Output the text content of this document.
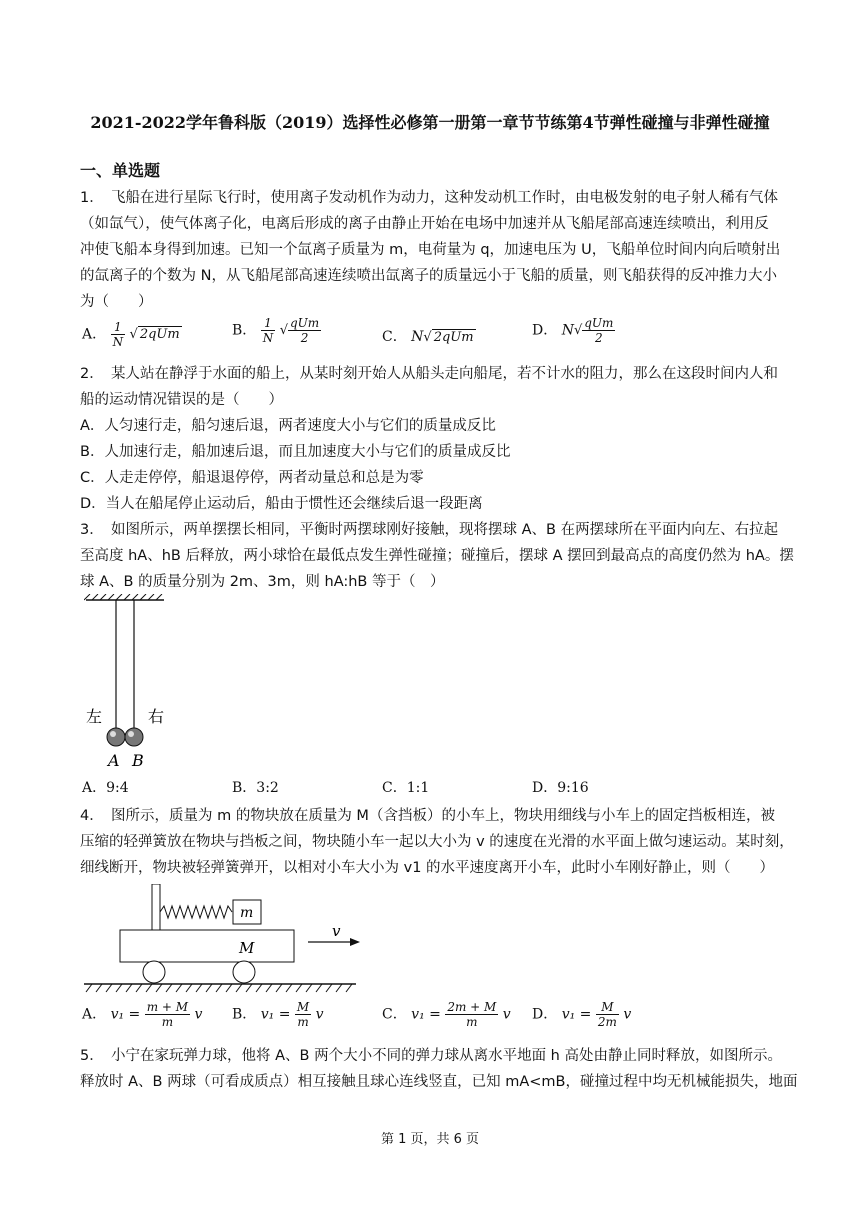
2021-2022学年鲁科版（2019）选择性必修第一册第一章节节练第4节弹性碰撞与非弹性碰撞
一、单选题
1．　 飞船在进行星际飞行时，使用离子发动机作为动力，这种发动机工作时，由电极发射的电子射人稀有气体
（如氙气），使气体离子化，电离后形成的离子由静止开始在电场中加速并从飞船尾部高速连续喷出，利用反
冲使飞船本身得到加速。已知一个氙离子质量为 m，电荷量为 q，加速电压为 U，飞船单位时间内向后喷射出
的氙离子的个数为 N，从飞船尾部高速连续喷出氙离子的质量远小于飞船的质量，则飞船获得的反冲推力大小
为（　　）
A． $\frac{1}{N}$ √ 2qUm	B． $\frac{1}{N}$ √ $\frac{\text{qUm}}{2}$	C． N√ 2qUm	D． $N√ \frac{\text{qUm}}{2}$
2．　 某人站在静浮于水面的船上，从某时刻开始人从船头走向船尾，若不计水的阻力，那么在这段时间内人和
船的运动情况错误的是（　　）
A．人匀速行走，船匀速后退，两者速度大小与它们的质量成反比
B．人加速行走，船加速后退，而且加速度大小与它们的质量成反比
C．人走走停停，船退退停停，两者动量总和总是为零
D．当人在船尾停止运动后，船由于惯性还会继续后退一段距离
3．　 如图所示，两单摆摆长相同，平衡时两摆球刚好接触，现将摆球 A、B 在两摆球所在平面内向左、右拉起
至高度 hA、hB 后释放，两小球恰在最低点发生弹性碰撞；碰撞后，摆球 A 摆回到最高点的高度仍然为 hA。摆
球 A、B 的质量分别为 2m、3m，则 hA:hB 等于（　）
左	右
A B
A．9:4	B．3:2	C．1:1	D．9:16
4．　 图所示，质量为 m 的物块放在质量为 M（含挡板）的小车上，物块用细线与小车上的固定挡板相连，被
压缩的轻弹簧放在物块与挡板之间，物块随小车一起以大小为 v 的速度在光滑的水平面上做匀速运动。某时刻，
细线断开，物块被轻弹簧弹开，以相对小车大小为 v1 的水平速度离开小车，此时小车刚好静止，则（　　）
m
M
v
A． $v_1 = \frac{m + M}{m}$ v B． $v_1 = \frac{M}{m}$ v	C． $v_1 = \frac{2m + M}{m}$ v D． $v_1 = \frac{M}{2m}$ v
5．　 小宁在家玩弹力球，他将 A、B 两个大小不同的弹力球从离水平地面 h 高处由静止同时释放，如图所示。
释放时 A、B 两球（可看成质点）相互接触且球心连线竖直，已知 mA<mB，碰撞过程中均无机械能损失，地面
第 1 页，共 6 页
